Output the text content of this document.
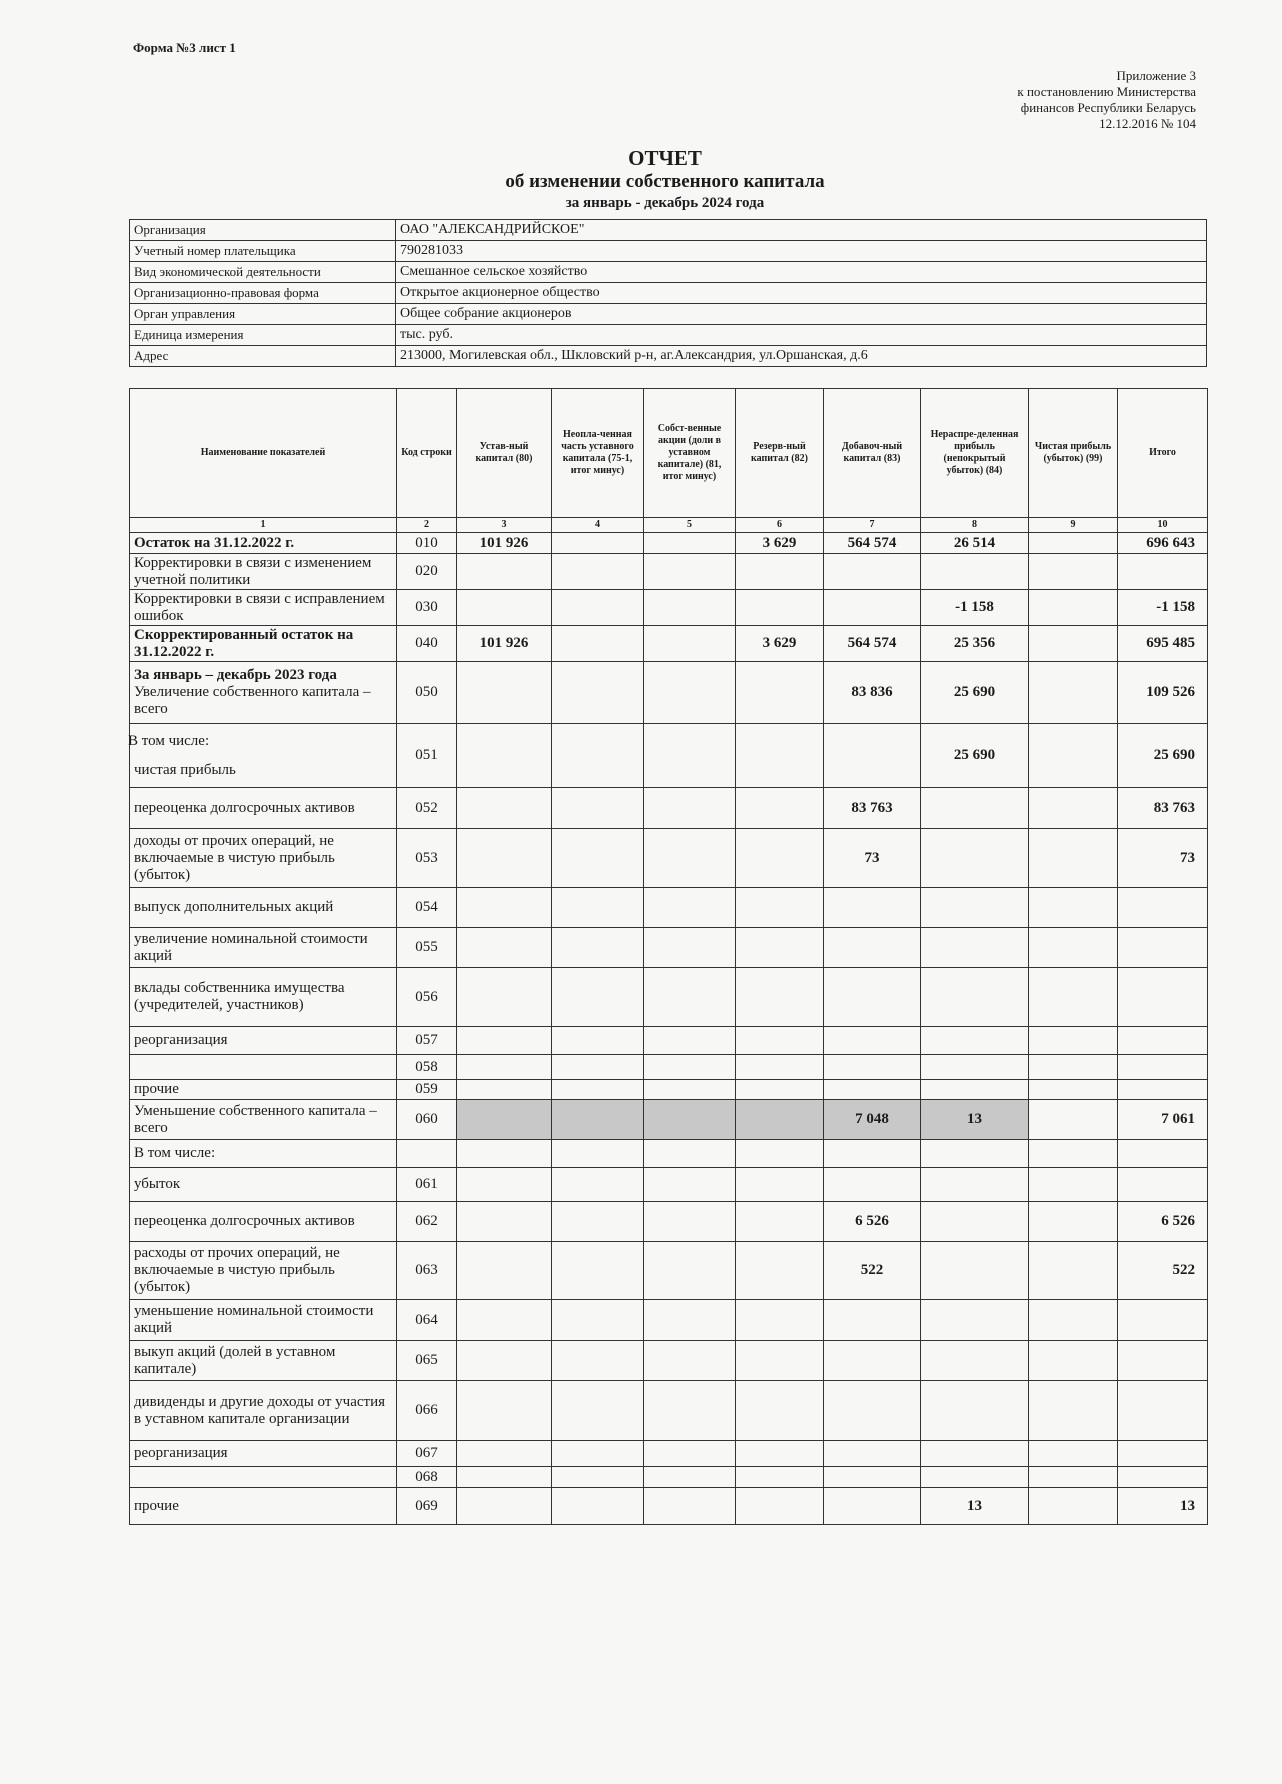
Форма №3 лист 1
Приложение 3
к постановлению Министерства
финансов Республики Беларусь
12.12.2016 № 104
ОТЧЕТ
об изменении собственного капитала
за январь - декабрь 2024 года
Организация	ОАО "АЛЕКСАНДРИЙСКОЕ"
Учетный номер плательщика	790281033
Вид экономической деятельности	Смешанное сельское хозяйство
Организационно-правовая форма	Открытое акционерное общество
Орган управления	Общее собрание акционеров
Единица измерения	тыс. руб.
Адрес	213000, Могилевская обл., Шкловский р-н, аг.Александрия, ул.Оршанская, д.6
Наименование показателей	Код строки	Устав-ный капитал (80)	Неопла-ченная часть уставного капитала (75-1, итог минус)	Собст-венные акции (доли в уставном капитале) (81, итог минус)	Резерв-ный капитал (82)	Добавоч-ный капитал (83)	Нераспре-деленная прибыль (непокрытый убыток) (84)	Чистая прибыль (убыток) (99)	Итого
1	2	3	4	5	6	7	8	9	10

Остаток на 31.12.2022 г.	010	101 926			3 629	564 574	26 514		696 643

Корректировки в связи с изменением учетной политики	020								

Корректировки в связи с исправлением ошибок	030						-1 158		-1 158

Скорректированный остаток на 31.12.2022 г.	040	101 926			3 629	564 574	25 356		695 485

За январь – декабрь 2023 года
Увеличение собственного капитала – всего	050					83 836	25 690		109 526

В том числе:
чистая прибыль	051						25 690		25 690

переоценка долгосрочных активов	052					83 763			83 763

доходы от прочих операций, не включаемые в чистую прибыль (убыток)	053					73			73

выпуск дополнительных акций	054								

увеличение номинальной стоимости акций	055								

вклады собственника имущества (учредителей, участников)	056								

реорганизация	057								

	058								

прочие	059								

Уменьшение собственного капитала – всего	060					7 048	13		7 061

В том числе:									

убыток	061								

переоценка долгосрочных активов	062					6 526			6 526

расходы от прочих операций, не включаемые в чистую прибыль (убыток)	063					522			522

уменьшение номинальной стоимости акций	064								

выкуп акций (долей в уставном капитале)	065								

дивиденды и другие доходы от участия в уставном капитале организации	066								

реорганизация	067								

	068								

прочие	069						13		13
